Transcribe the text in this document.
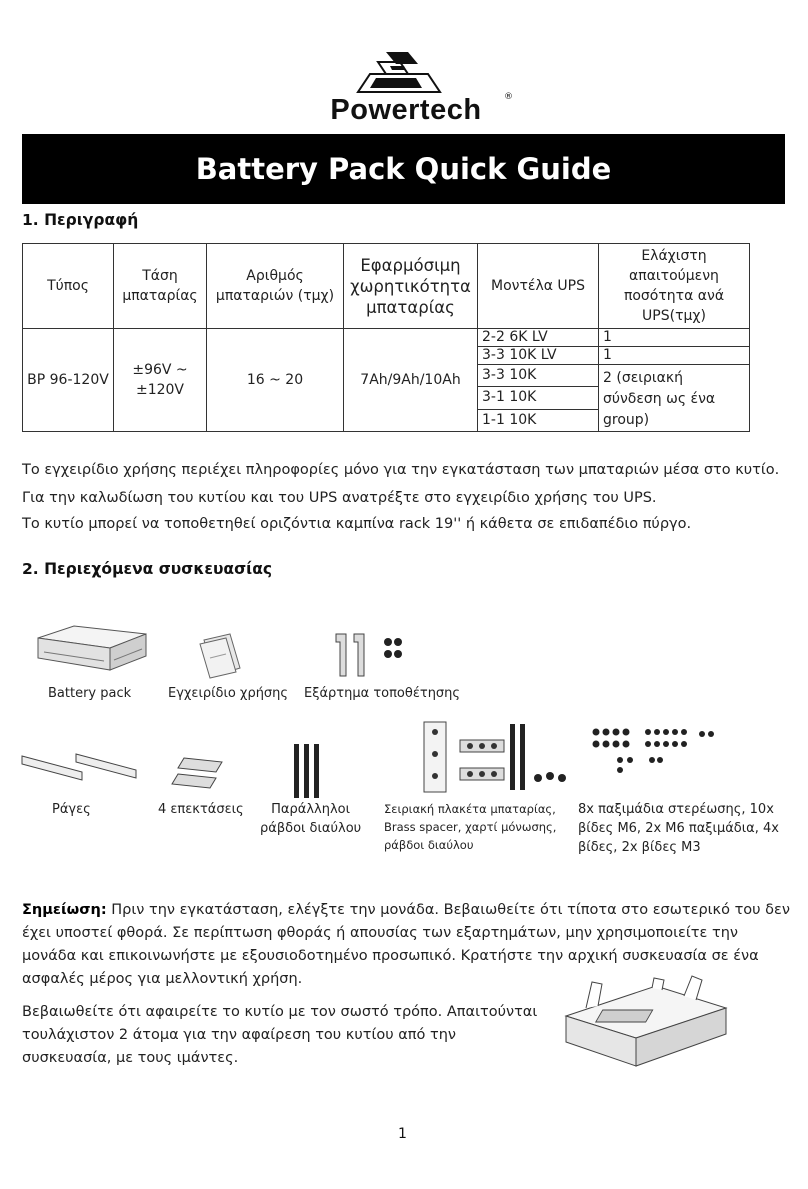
Powertech	®
Battery Pack Quick Guide
1. Περιγραφή
Τύπος	Τάση μπαταρίας	Αριθμός μπαταριών (τμχ)	Εφαρμόσιμη χωρητικότητα μπαταρίας	Μοντέλα UPS	Ελάχιστη απαιτούμενη ποσότητα ανά UPS(τμχ)
BP 96-120V	±96V ~ ±120V	16 ~ 20	7Ah/9Ah/10Ah	2-2 6K LV	1
				3-3 10K LV	1
				3-3 10K	2 (σειριακή σύνδεση ως ένα group)
				3-1 10K	
				1-1 10K	

Το εγχειρίδιο χρήσης περιέχει πληροφορίες μόνο για την εγκατάσταση των μπαταριών μέσα στο κυτίο.

Για την καλωδίωση του κυτίου και του UPS ανατρέξτε στο εγχειρίδιο χρήσης του UPS.

Το κυτίο μπορεί να τοποθετηθεί οριζόντια καμπίνα rack 19'' ή κάθετα σε επιδαπέδιο πύργο.

2. Περιεχόμενα συσκευασίας
Battery pack	Εγχειρίδιο χρήσης Εξάρτημα τοποθέτησης
Ράγες	4 επεκτάσεις	Παράλληλοι
ράβδοι διαύλου
Σειριακή πλακέτα μπαταρίας,
Brass spacer, χαρτί μόνωσης,
ράβδοι διαύλου
8x παξιμάδια στερέωσης, 10x
βίδες M6, 2x M6 παξιμάδια, 4x
βίδες, 2x βίδες M3

Σημείωση: Πριν την εγκατάσταση, ελέγξτε την μονάδα. Βεβαιωθείτε ότι τίποτα στο εσωτερικό του δεν έχει υποστεί φθορά. Σε περίπτωση φθοράς ή απουσίας των εξαρτημάτων, μην χρησιμοποιείτε την μονάδα και επικοινωνήστε με εξουσιοδοτημένο προσωπικό. Κρατήστε την αρχική συσκευασία σε ένα ασφαλές μέρος για μελλοντική χρήση.

Βεβαιωθείτε ότι αφαιρείτε το κυτίο με τον σωστό τρόπο. Απαιτούνται τουλάχιστον 2 άτομα για την αφαίρεση του κυτίου από την συσκευασία, με τους ιμάντες.

1
